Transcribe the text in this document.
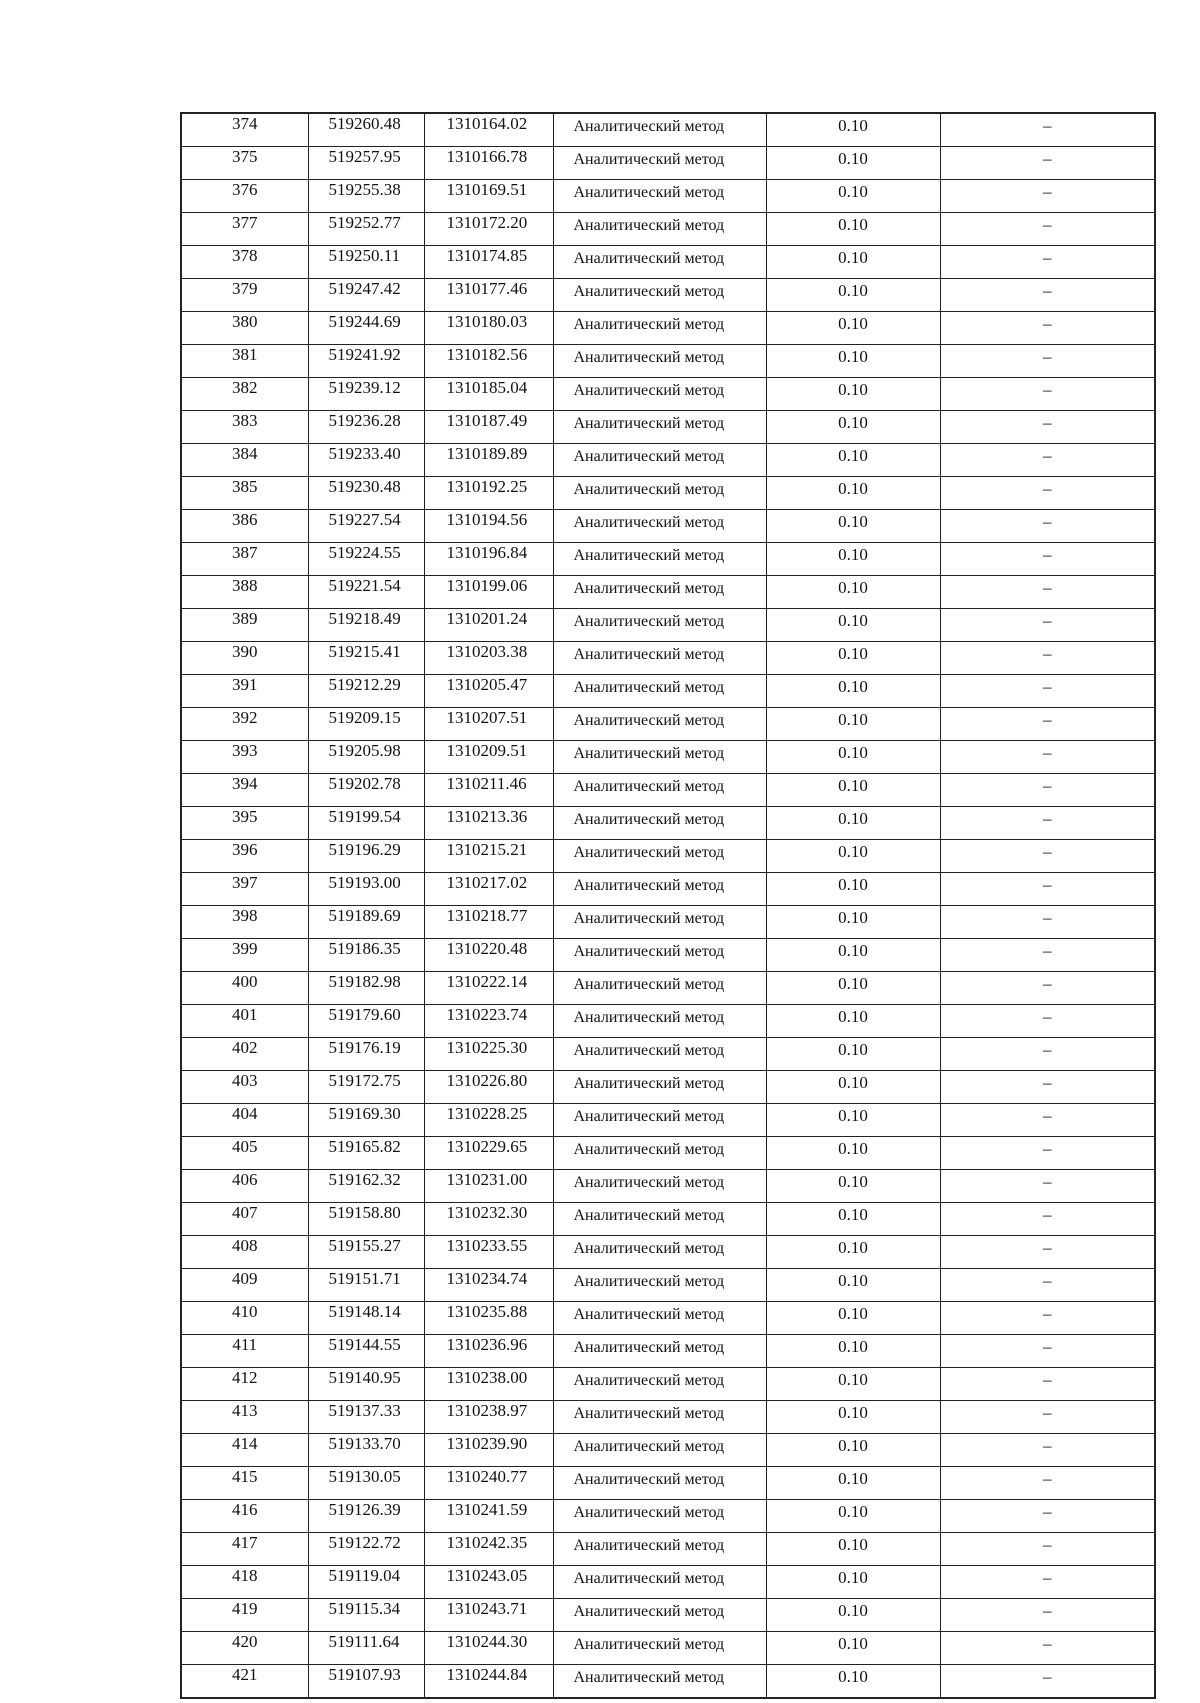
374	519260.48	1310164.02	Аналитический метод	0.10	–
375	519257.95	1310166.78	Аналитический метод	0.10	–
376	519255.38	1310169.51	Аналитический метод	0.10	–
377	519252.77	1310172.20	Аналитический метод	0.10	–
378	519250.11	1310174.85	Аналитический метод	0.10	–
379	519247.42	1310177.46	Аналитический метод	0.10	–
380	519244.69	1310180.03	Аналитический метод	0.10	–
381	519241.92	1310182.56	Аналитический метод	0.10	–
382	519239.12	1310185.04	Аналитический метод	0.10	–
383	519236.28	1310187.49	Аналитический метод	0.10	–
384	519233.40	1310189.89	Аналитический метод	0.10	–
385	519230.48	1310192.25	Аналитический метод	0.10	–
386	519227.54	1310194.56	Аналитический метод	0.10	–
387	519224.55	1310196.84	Аналитический метод	0.10	–
388	519221.54	1310199.06	Аналитический метод	0.10	–
389	519218.49	1310201.24	Аналитический метод	0.10	–
390	519215.41	1310203.38	Аналитический метод	0.10	–
391	519212.29	1310205.47	Аналитический метод	0.10	–
392	519209.15	1310207.51	Аналитический метод	0.10	–
393	519205.98	1310209.51	Аналитический метод	0.10	–
394	519202.78	1310211.46	Аналитический метод	0.10	–
395	519199.54	1310213.36	Аналитический метод	0.10	–
396	519196.29	1310215.21	Аналитический метод	0.10	–
397	519193.00	1310217.02	Аналитический метод	0.10	–
398	519189.69	1310218.77	Аналитический метод	0.10	–
399	519186.35	1310220.48	Аналитический метод	0.10	–
400	519182.98	1310222.14	Аналитический метод	0.10	–
401	519179.60	1310223.74	Аналитический метод	0.10	–
402	519176.19	1310225.30	Аналитический метод	0.10	–
403	519172.75	1310226.80	Аналитический метод	0.10	–
404	519169.30	1310228.25	Аналитический метод	0.10	–
405	519165.82	1310229.65	Аналитический метод	0.10	–
406	519162.32	1310231.00	Аналитический метод	0.10	–
407	519158.80	1310232.30	Аналитический метод	0.10	–
408	519155.27	1310233.55	Аналитический метод	0.10	–
409	519151.71	1310234.74	Аналитический метод	0.10	–
410	519148.14	1310235.88	Аналитический метод	0.10	–
411	519144.55	1310236.96	Аналитический метод	0.10	–
412	519140.95	1310238.00	Аналитический метод	0.10	–
413	519137.33	1310238.97	Аналитический метод	0.10	–
414	519133.70	1310239.90	Аналитический метод	0.10	–
415	519130.05	1310240.77	Аналитический метод	0.10	–
416	519126.39	1310241.59	Аналитический метод	0.10	–
417	519122.72	1310242.35	Аналитический метод	0.10	–
418	519119.04	1310243.05	Аналитический метод	0.10	–
419	519115.34	1310243.71	Аналитический метод	0.10	–
420	519111.64	1310244.30	Аналитический метод	0.10	–
421	519107.93	1310244.84	Аналитический метод	0.10	–
